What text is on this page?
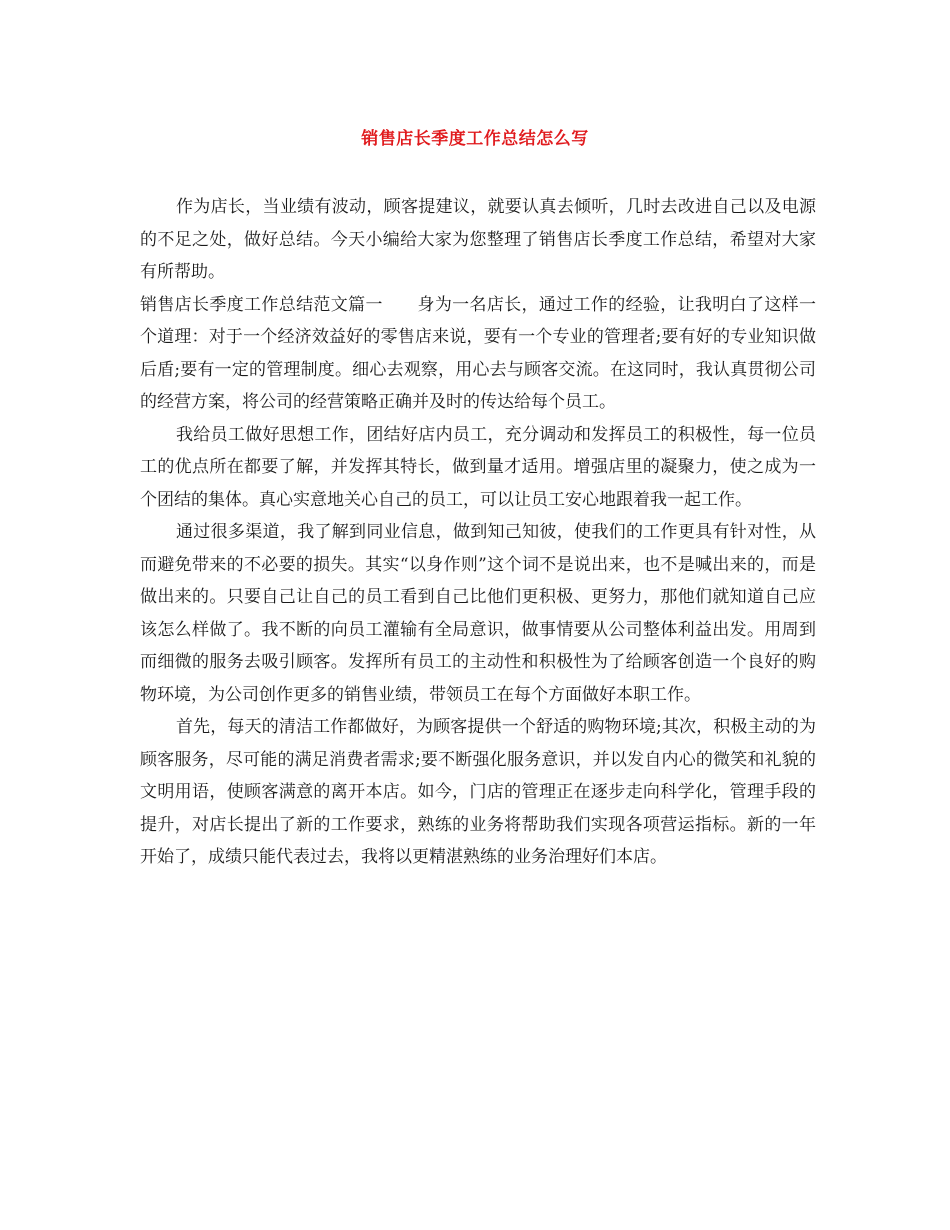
销售店长季度工作总结怎么写

作为店长，当业绩有波动，顾客提建议，就要认真去倾听，几时去改进自己以及电源的不足之处，做好总结。今天小编给大家为您整理了销售店长季度工作总结，希望对大家有所帮助。

销售店长季度工作总结范文篇一　　身为一名店长，通过工作的经验，让我明白了这样一个道理：对于一个经济效益好的零售店来说，要有一个专业的管理者;要有好的专业知识做后盾;要有一定的管理制度。细心去观察，用心去与顾客交流。在这同时，我认真贯彻公司的经营方案，将公司的经营策略正确并及时的传达给每个员工。

我给员工做好思想工作，团结好店内员工，充分调动和发挥员工的积极性，每一位员工的优点所在都要了解，并发挥其特长，做到量才适用。增强店里的凝聚力，使之成为一个团结的集体。真心实意地关心自己的员工，可以让员工安心地跟着我一起工作。

通过很多渠道，我了解到同业信息，做到知己知彼，使我们的工作更具有针对性，从而避免带来的不必要的损失。其实“以身作则”这个词不是说出来，也不是喊出来的，而是做出来的。只要自己让自己的员工看到自己比他们更积极、更努力，那他们就知道自己应该怎么样做了。我不断的向员工灌输有全局意识，做事情要从公司整体利益出发。用周到而细微的服务去吸引顾客。发挥所有员工的主动性和积极性为了给顾客创造一个良好的购物环境，为公司创作更多的销售业绩，带领员工在每个方面做好本职工作。

首先，每天的清洁工作都做好，为顾客提供一个舒适的购物环境;其次，积极主动的为顾客服务，尽可能的满足消费者需求;要不断强化服务意识，并以发自内心的微笑和礼貌的文明用语，使顾客满意的离开本店。如今，门店的管理正在逐步走向科学化，管理手段的提升，对店长提出了新的工作要求，熟练的业务将帮助我们实现各项营运指标。新的一年开始了，成绩只能代表过去，我将以更精湛熟练的业务治理好们本店。
